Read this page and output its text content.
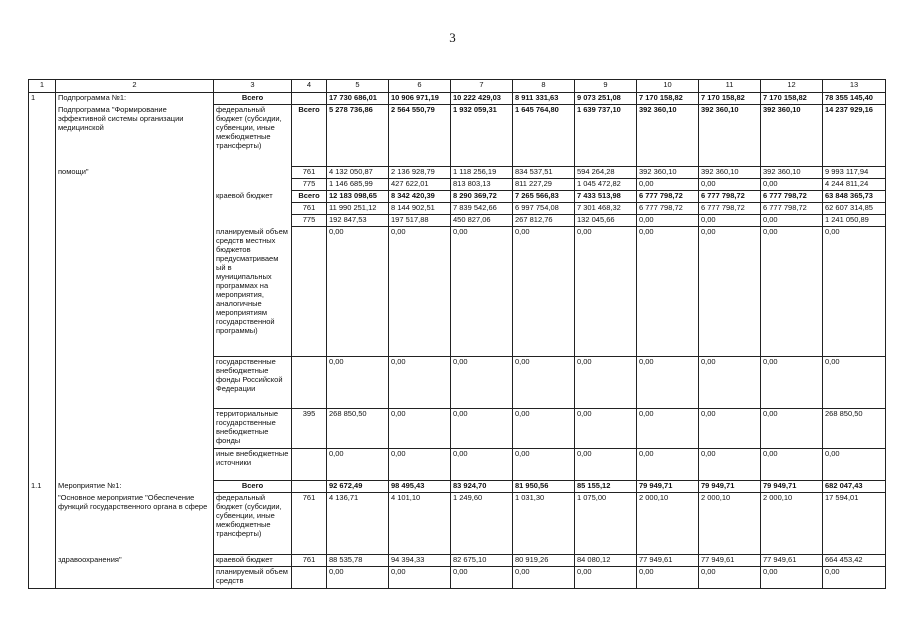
3
1	2	3	4	5	6	7	8	9	10	11	12	13
1	Подпрограмма №1:	Всего		17 730 686,01	10 906 971,19	10 222 429,03	8 911 331,63	9 073 251,08	7 170 158,82	7 170 158,82	7 170 158,82	78 355 145,40
	Подпрограмма "Формирование эффективной системы организации медицинской	федеральный бюджет (субсидии, субвенции, иные межбюджетные трансферты)	Всего	5 278 736,86	2 564 550,79	1 932 059,31	1 645 764,80	1 639 737,10	392 360,10	392 360,10	392 360,10	14 237 929,16
	помощи"		761	4 132 050,87	2 136 928,79	1 118 256,19	834 537,51	594 264,28	392 360,10	392 360,10	392 360,10	9 993 117,94
			775	1 146 685,99	427 622,01	813 803,13	811 227,29	1 045 472,82	0,00	0,00	0,00	4 244 811,24
		краевой бюджет	Всего	12 183 098,65	8 342 420,39	8 290 369,72	7 265 566,83	7 433 513,98	6 777 798,72	6 777 798,72	6 777 798,72	63 848 365,73
			761	11 990 251,12	8 144 902,51	7 839 542,66	6 997 754,08	7 301 468,32	6 777 798,72	6 777 798,72	6 777 798,72	62 607 314,85
			775	192 847,53	197 517,88	450 827,06	267 812,76	132 045,66	0,00	0,00	0,00	1 241 050,89
		планируемый объем средств местных бюджетов предусматриваем ый в муниципальных программах на мероприятия, аналогичные мероприятиям государственной программы)		0,00	0,00	0,00	0,00	0,00	0,00	0,00	0,00	0,00
		государственные внебюджетные фонды Российской Федерации		0,00	0,00	0,00	0,00	0,00	0,00	0,00	0,00	0,00
		территориальные государственные внебюджетные фонды	395	268 850,50	0,00	0,00	0,00	0,00	0,00	0,00	0,00	268 850,50
		иные внебюджетные источники		0,00	0,00	0,00	0,00	0,00	0,00	0,00	0,00	0,00
1.1	Мероприятие №1:	Всего		92 672,49	98 495,43	83 924,70	81 950,56	85 155,12	79 949,71	79 949,71	79 949,71	682 047,43
	"Основное мероприятие "Обеспечение функций государственного органа в сфере	федеральный бюджет (субсидии, субвенции, иные межбюджетные трансферты)	761	4 136,71	4 101,10	1 249,60	1 031,30	1 075,00	2 000,10	2 000,10	2 000,10	17 594,01
	здравоохранения"	краевой бюджет	761	88 535,78	94 394,33	82 675,10	80 919,26	84 080,12	77 949,61	77 949,61	77 949,61	664 453,42
		планируемый объем средств		0,00	0,00	0,00	0,00	0,00	0,00	0,00	0,00	0,00
